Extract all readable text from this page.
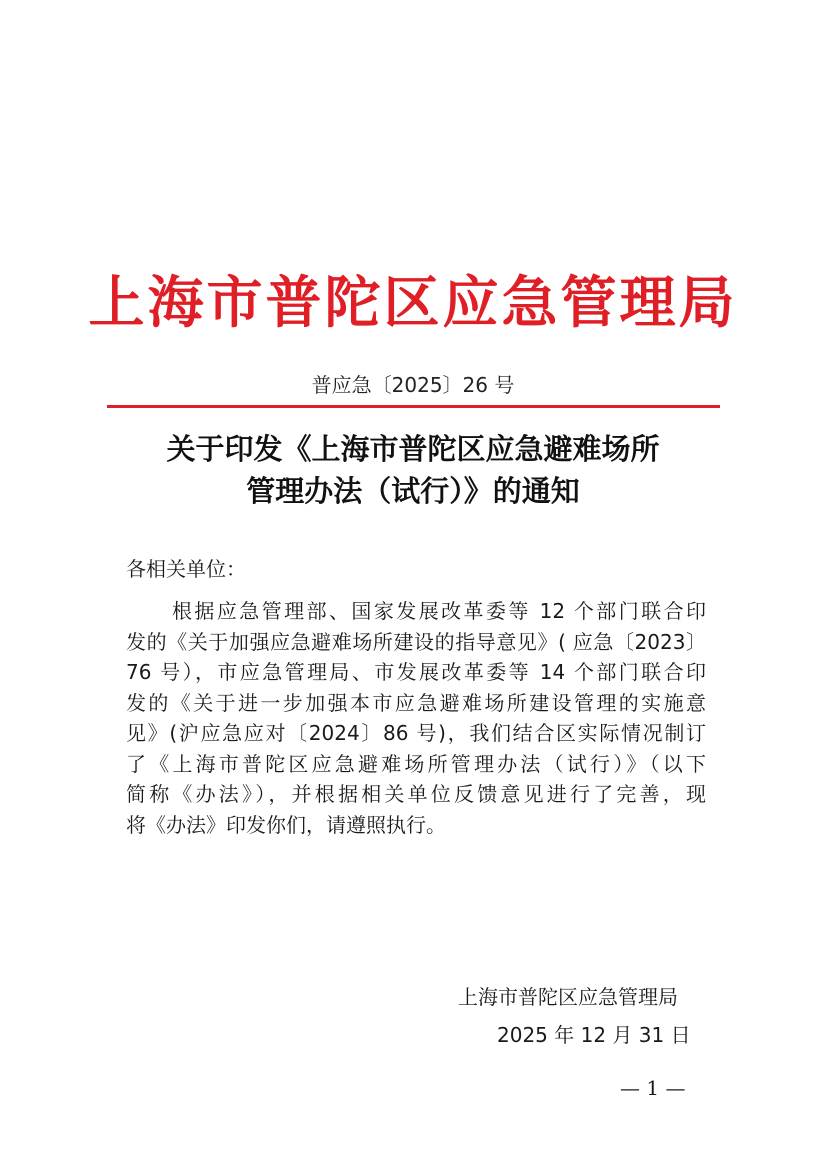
上海市普陀区应急管理局
普应急〔2025〕26 号
关于印发《上海市普陀区应急避难场所
管理办法（试行）》的通知
各相关单位：
根据应急管理部、国家发展改革委等 12 个部门联合印
发的《关于加强应急避难场所建设的指导意见》( 应急〔2023〕
76 号），市应急管理局、市发展改革委等 14 个部门联合印
发的《关于进一步加强本市应急避难场所建设管理的实施意
见》(沪应急应对〔2024〕86 号)，我们结合区实际情况制订
了《上海市普陀区应急避难场所管理办法（试行）》（以下
简称《办法》），并根据相关单位反馈意见进行了完善，现
将《办法》印发你们，请遵照执行。
上海市普陀区应急管理局
2025 年 12 月 31 日
— 1 —
